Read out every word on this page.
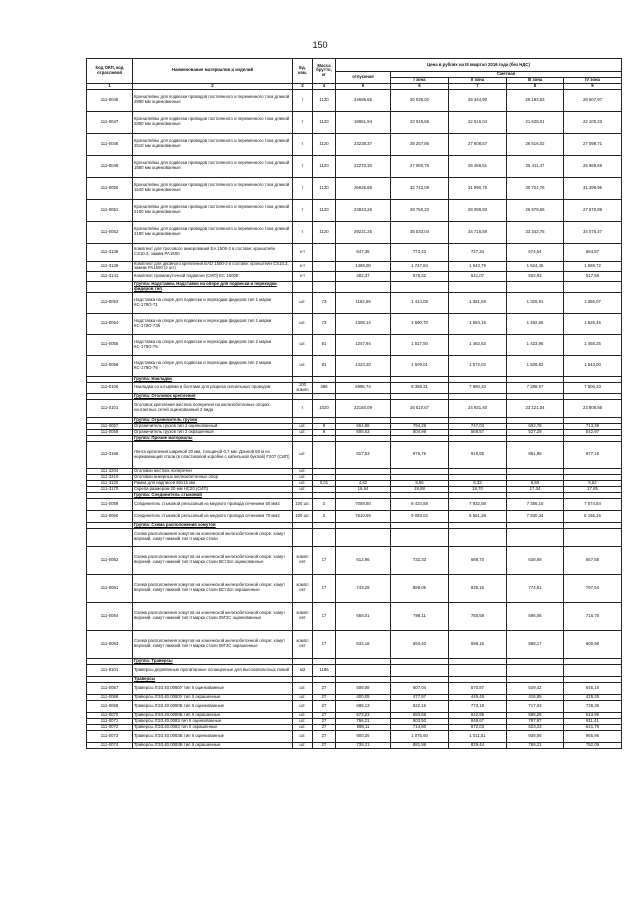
150
Код ОКП, код отраслевой	Наименование материалов и изделий	Ед. изм.	Масса брутто, кг	Цена в рублях на III квартал 2016 года (без НДС)				
				отпускная	Сметная			
					I зона	II зона	III зона	IV зона
1	2	3	4	5	6	7	8	9
111-0046	Кронштейны для подвески проводов постоянного и переменного тока длиной 2890 мм оцинкованные	т	1120	24696,65	30 036,02	29 344,90	29 183,63	28 607,97
111-0047	Кронштейны для подвески проводов постоянного и переменного тока длиной 2850 мм оцинкованные	т	1120	18951,94	23 045,56	22 516,04	21 628,01	22 100,23
111-0048	Кронштейны для подвески проводов постоянного и переменного тока длиной 2510 мм оцинкованные	т	1120	23238,37	28 257,86	27 608,57	26 516,02	27 098,71
111-0049	Кронштейны для подвески проводов постоянного и переменного тока длиной 1580 мм оцинкованные	т	1120	22270,30	27 080,75	26 456,51	25 411,47	25 969,69
111-0050	Кронштейны для подвески проводов постоянного и переменного тока длиной 1540 мм оцинкованные	т	1120	26926,88	32 743,09	31 990,75	30 724,78	31 399,96
111-0051	Кронштейны для подвески проводов постоянного и переменного тока длиной 2190 мм оцинкованные	т	1120	23843,26	28 750,23	28 089,93	26 978,65	27 570,89
111-0052	Кронштейны для подвески проводов постоянного и переменного тока длиной 2190 мм оцинкованные	т	1120	29221,25	35 533,04	34 716,59	33 342,75	34 075,47
111-3138	Комплект для тросового анкерования ЕА 1500-3 в составе: кронштейн CS10.3, зажим PA1500	к-т		647,35	773,43	727,34	674,54	684,57
111-3139	Комплект для двойного крепления EAD 1500-3 в составе: кронштейн CS10.3, зажим PA1500 (2 шт)	к-т		1469,00	1 747,84	1 643,79	1 524,45	1 569,72
111-3141	Комплект промежуточной подвески (СИП) ЕС 1500Е	к-т		482,37	575,32	541,07	502,63	517,56
	Группа: Надставки, Надставки на опоре для подвески и переходки фидеров тип							
111-0053	Надставка на опоре для подвески и переходки фидеров тип 1 марки КС-178О-71	шт.	73	1162,69	1 414,08	1 381,59	1 326,91	1 356,07
111-0054	Надставка на опоре для подвески и переходки фидеров тип 1 марки КС-178О-73б	шт.	73	1308,14	1 590,70	1 554,15	1 492,65	1 525,45
111-0055	Надставка на опоре для подвески и переходки фидеров тип 2 марки КС-178О-75	шт.	81	1247,94	1 517,50	1 482,63	1 423,96	1 455,25
111-0056	Надставка на опоре для подвески и переходки фидеров тип 2 марки КС-178О-76	шт.	81	1323,20	1 609,01	1 572,03	1 509,82	1 543,00
	Группа: Накладки							
111-0106	Накладка со штырями и болтами для разреза сигнальных проводов	100 компл	386	6996,74	8 358,31	7 860,33	7 289,57	7 506,33
	Группа: Оголовок крепления							
111-0101	Оголовок крепления жестких поперечин на железобетонных опорах контактных сетей оцинкованный 2 вида	т	1020	22150,09	26 510,67	24 931,40	23 121,04	23 808,56
	Группа: Ограничитель грузов							
111-0057	Ограничитель грузов тип 2 оцинкованный	шт.	9	664,86	794,28	747,03	692,78	713,39
111-0058	Ограничитель грузов тип 2 окрашенный	шт.	9	506,63	604,99	568,57	527,29	542,97
	Группа: Прочие материалы							
111-3165	Лента крепления шириной 20 мм, толщиной 0,7 мм. Длиной 50 м из нержавеющей стали (в пластиковой коробке с кабельной буклой) F207 (СИП)	шт.		817,53	976,75	918,55	851,86	877,18
111-3204	Оголовки жестких поперечин	шт.						
111-3210	Оголовки анкерных железобетонных опор	шт.						
111-3120	Рамка для надписей 60х15 мм	шт.	0,01	4,82	5,66	5,32	5,50	5,62
111-3170	Скрепа размером 20 мм НС20 (СИП)	шт.		16,64	19,88	18,70	17,34	17,85
	Группа: Соединитель стыковой							
111-0059	Соединитель стыковой рельсовый из медного провода сечением 50 мм2	100 шт.	2	7059,60	8 434,59	7 932,08	7 356,10	7 574,84
111-0060	Соединитель стыковой рельсовый из медного провода сечением 70 мм2	100 шт.	2	7610,69	9 093,02	8 551,28	7 930,34	8 166,15
	Группа: Схема расположения хомутов							
	Схема расположения хомутов на конической железобетонной опоре: хомут верхний, хомут нижний тип II марка стали							
111-0062	Схема расположения хомутов на конической железобетонной опоре: хомут верхний, хомут нижний тип II марка стали ВСт3сп оцинкованные	компл ект	17	612,96	732,33	688,70	638,69	657,68
111-0061	Схема расположения хомутов на конической железобетонной опоре: хомут верхний, хомут нижний тип II марка стали ВСт3сп окрашенные	компл ект	17	743,29	888,06	835,15	774,51	797,54
111-0064	Схема расположения хомутов на конической железобетонной опоре: хомут верхний, хомут нижний тип II марка стали 09Г2С оцинкованные	компл ект	17	668,01	798,11	750,58	696,06	716,76
111-0063	Схема расположения хомутов на конической железобетонной опоре: хомут верхний, хомут нижний тип II марка стали 09Г2С окрашенные	компл ект	17	533,16	693,40	598,15	588,17	600,98
	Группа: Траверсы							
111-9101	Траверсы деревянные пропитанные оснащенные для высоковольтных линий	м3	1186					
	Траверсы							
111-0067	Траверсы ЛЭЗ.40.0080У тип II оцинкованные	шт.	27	508,08	607,04	570,87	529,42	545,16
111-0068	Траверсы ЛЭЗ.40.0080У тип II окрашенные	шт.	27	400,05	477,97	449,49	416,85	429,25
111-0069	Траверсы ЛЭЗ.40.0080Б тип II оцинкованные	шт.	27	688,13	822,16	773,18	717,03	738,35
111-0070	Траверсы ЛЭЗ.40.0080Б тип II окрашенные	шт.	27	572,23	683,68	642,95	596,26	613,99
111-0071	Траверсы ЛЭЗ.40.0083 тип II оцинкованные	шт.	27	756,21	903,50	849,67	787,97	811,41
111-0072	Траверсы ЛЭЗ.40.0083 тип II окрашенные	шт.	27	598,11	714,60	672,03	623,23	641,76
111-0073	Траверсы ЛЭЗ.40.0083Б тип II оцинкованные	шт.	27	900,25	1 075,60	1 011,51	938,06	965,96
111-0074	Траверсы ЛЭЗ.40.0083Б тип II окрашенные	шт.	27	738,21	881,98	829,44	769,21	792,09
